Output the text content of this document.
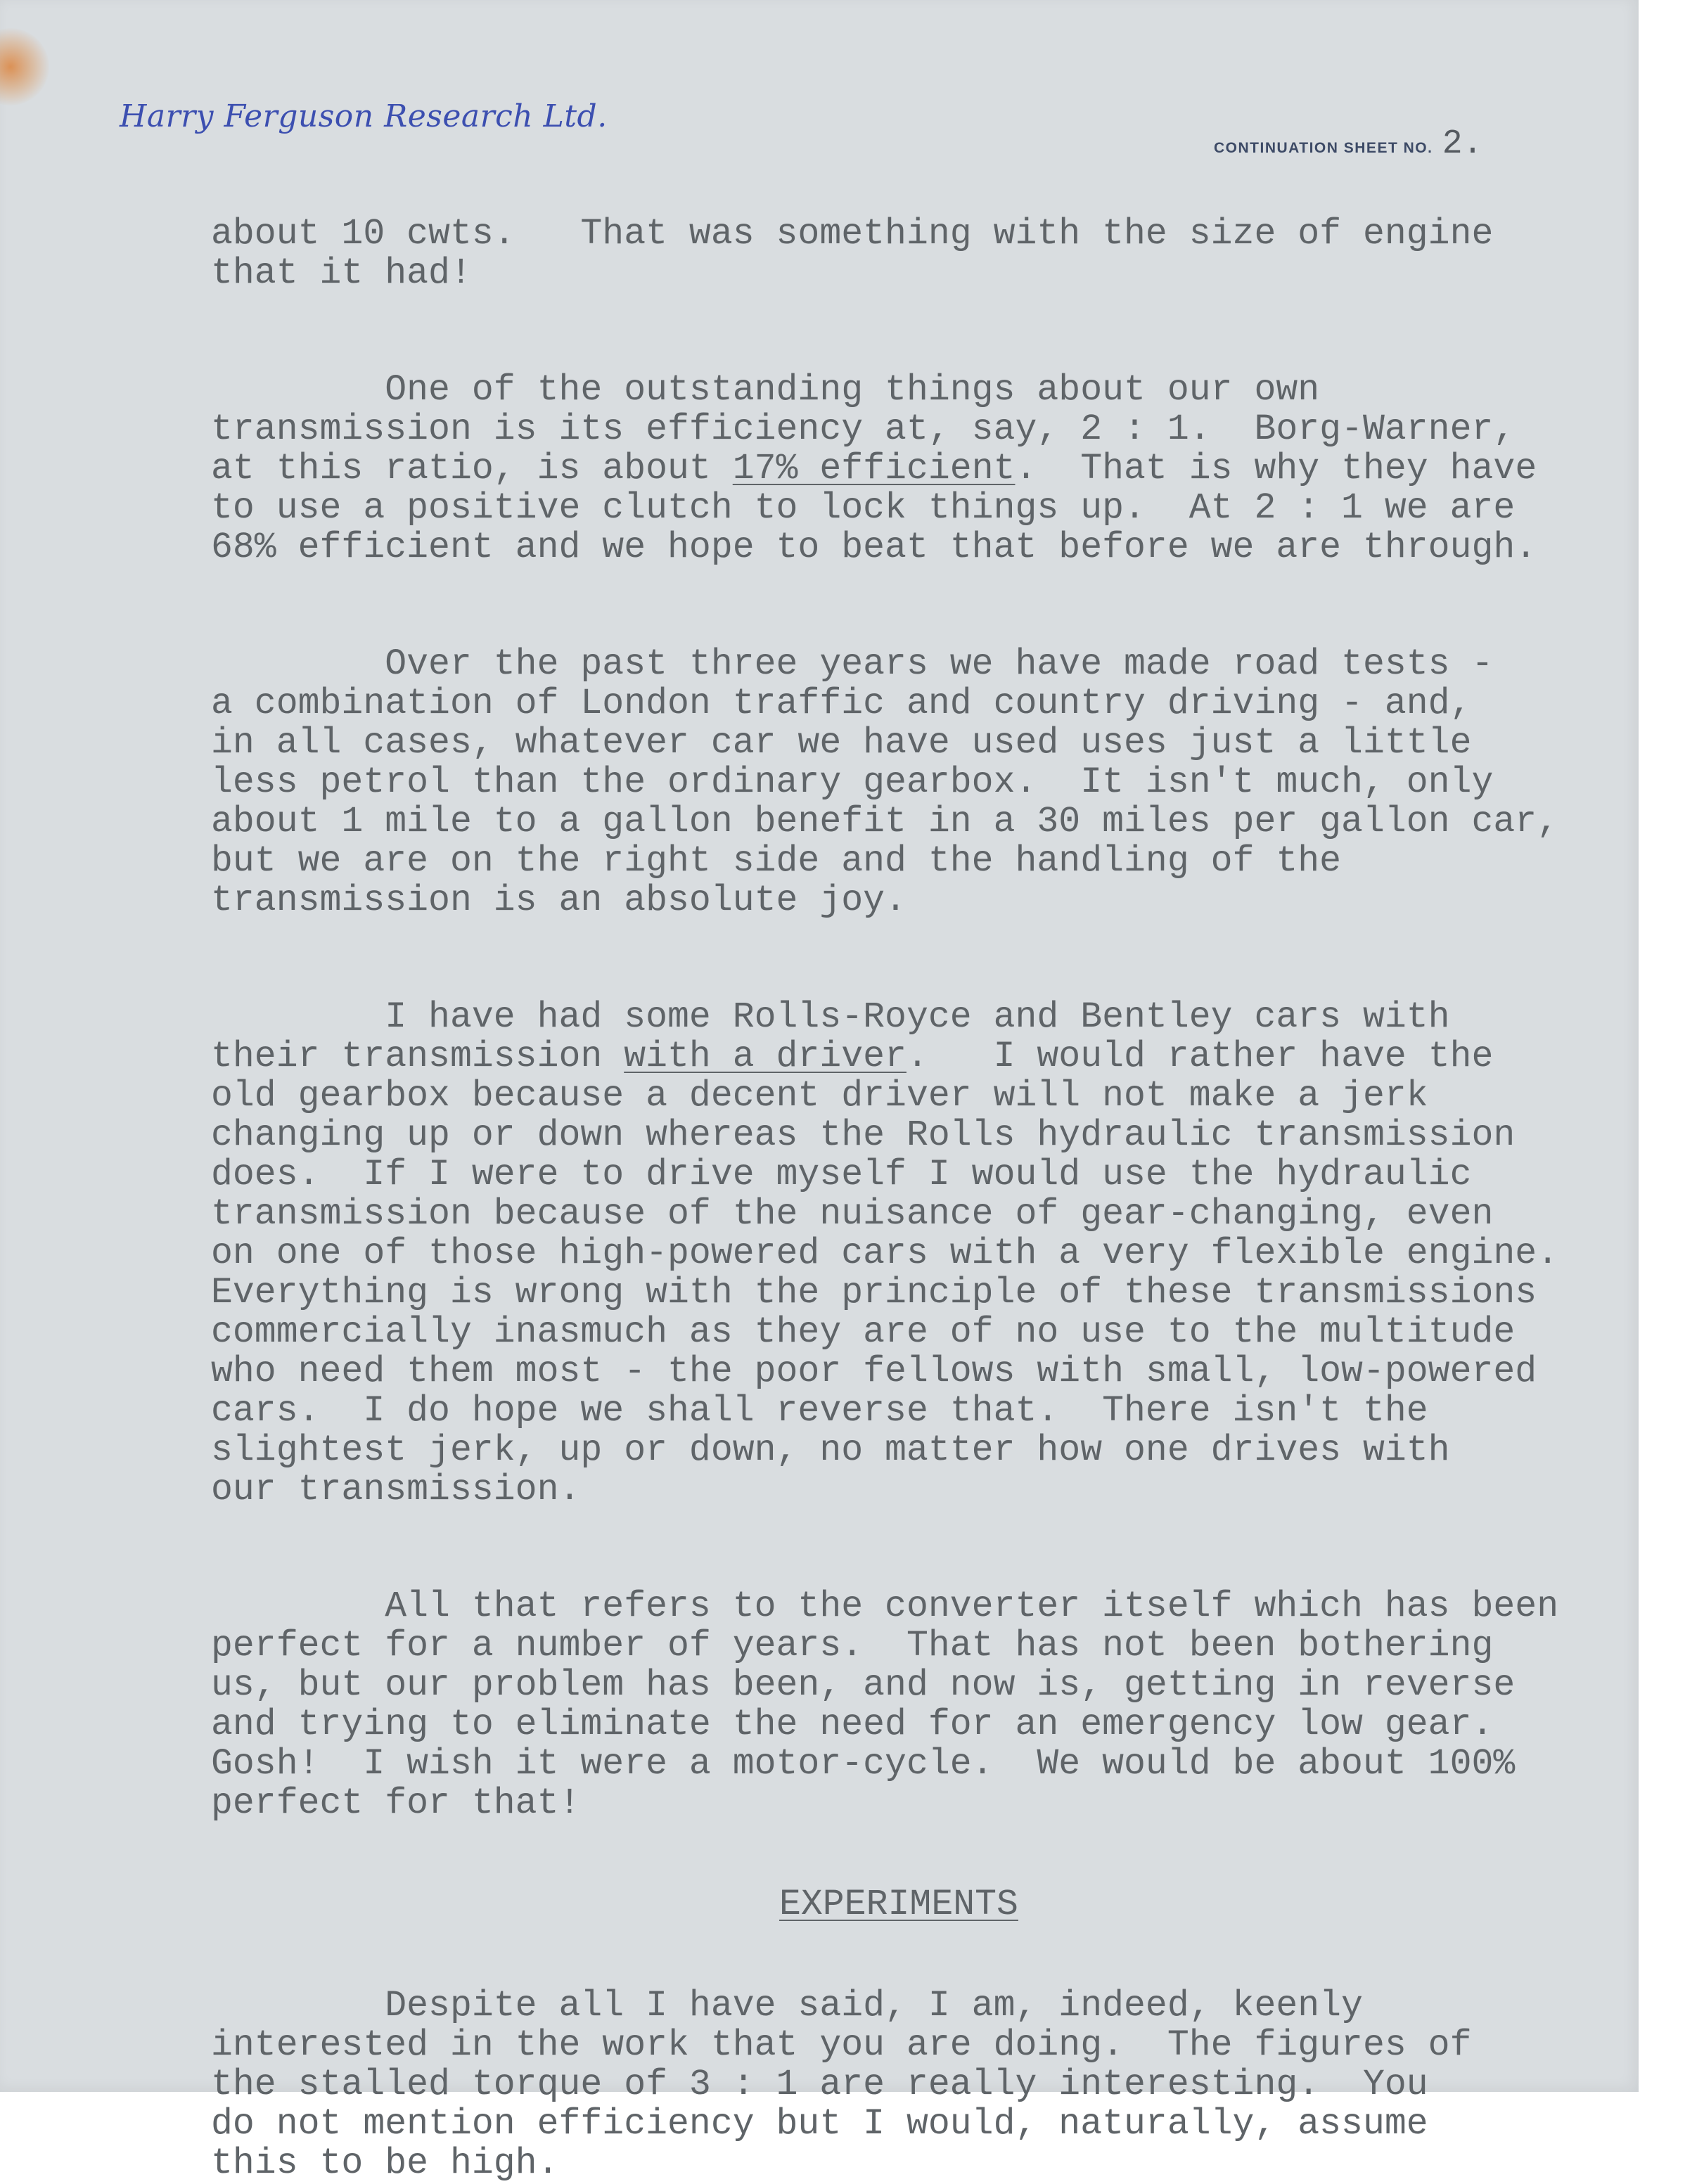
Harry Ferguson Research Ltd.
CONTINUATION SHEET NO. 2.
about 10 cwts.   That was something with the size of engine
that it had!
One of the outstanding things about our own
transmission is its efficiency at, say, 2 : 1.  Borg-Warner,
at this ratio, is about 17% efficient.  That is why they have
to use a positive clutch to lock things up.  At 2 : 1 we are
68% efficient and we hope to beat that before we are through.
Over the past three years we have made road tests -
a combination of London traffic and country driving - and,
in all cases, whatever car we have used uses just a little
less petrol than the ordinary gearbox.  It isn't much, only
about 1 mile to a gallon benefit in a 30 miles per gallon car,
but we are on the right side and the handling of the
transmission is an absolute joy.
I have had some Rolls-Royce and Bentley cars with
their transmission with a driver.   I would rather have the
old gearbox because a decent driver will not make a jerk
changing up or down whereas the Rolls hydraulic transmission
does.  If I were to drive myself I would use the hydraulic
transmission because of the nuisance of gear-changing, even
on one of those high-powered cars with a very flexible engine.
Everything is wrong with the principle of these transmissions
commercially inasmuch as they are of no use to the multitude
who need them most - the poor fellows with small, low-powered
cars.  I do hope we shall reverse that.  There isn't the
slightest jerk, up or down, no matter how one drives with
our transmission.
All that refers to the converter itself which has been
perfect for a number of years.  That has not been bothering
us, but our problem has been, and now is, getting in reverse
and trying to eliminate the need for an emergency low gear.
Gosh!  I wish it were a motor-cycle.  We would be about 100%
perfect for that!
EXPERIMENTS
Despite all I have said, I am, indeed, keenly
interested in the work that you are doing.  The figures of
the stalled torque of 3 : 1 are really interesting.  You
do not mention efficiency but I would, naturally, assume
this to be high.
